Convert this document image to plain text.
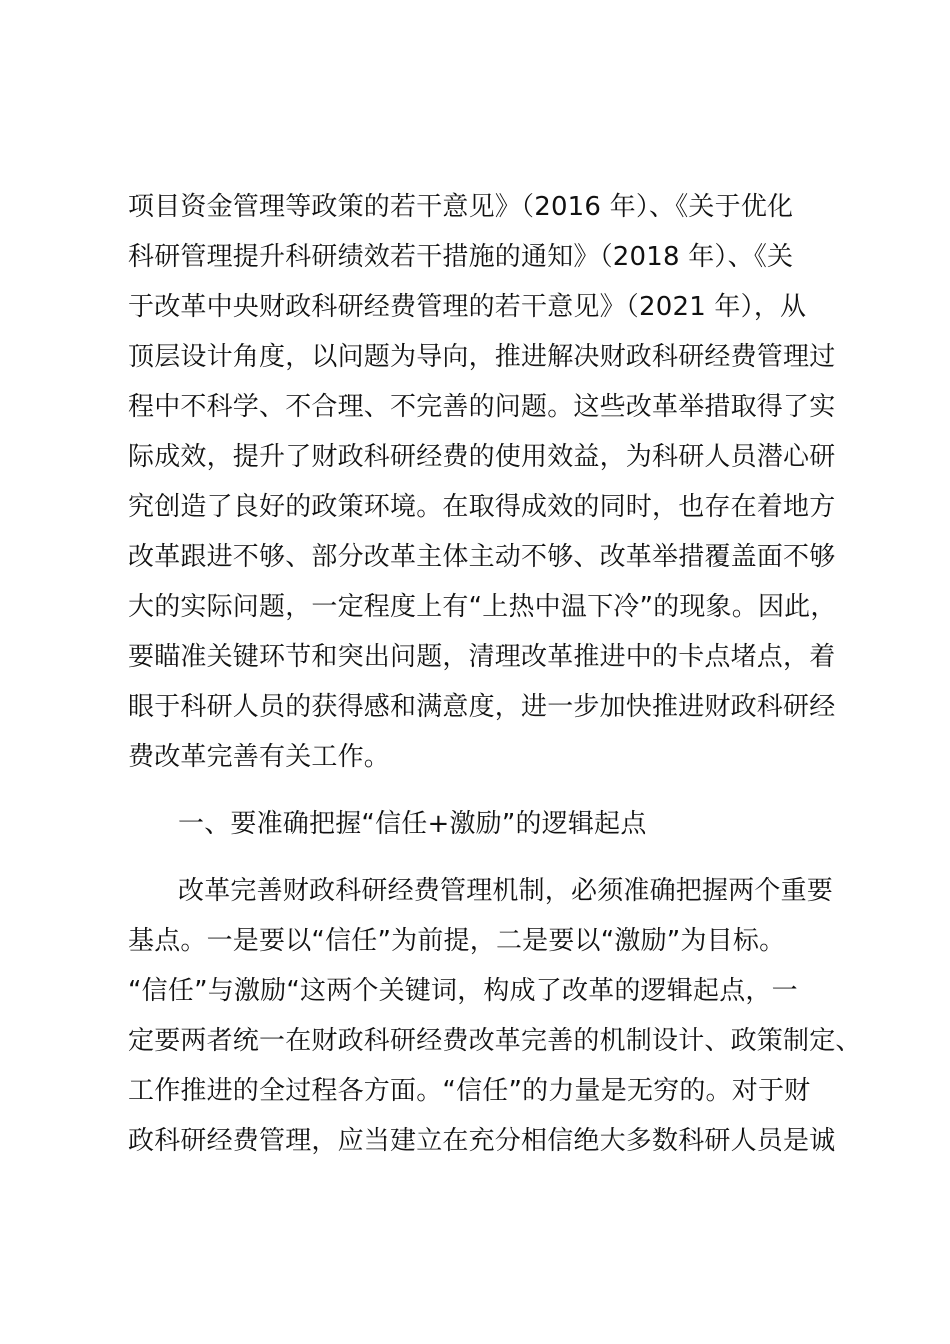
项目资金管理等政策的若干意见》（2016 年）、《关于优化
科研管理提升科研绩效若干措施的通知》（2018 年）、《关
于改革中央财政科研经费管理的若干意见》（2021 年），从
顶层设计角度，以问题为导向，推进解决财政科研经费管理过
程中不科学、不合理、不完善的问题。这些改革举措取得了实
际成效，提升了财政科研经费的使用效益，为科研人员潜心研
究创造了良好的政策环境。在取得成效的同时，也存在着地方
改革跟进不够、部分改革主体主动不够、改革举措覆盖面不够
大的实际问题，一定程度上有“上热中温下冷”的现象。因此，
要瞄准关键环节和突出问题，清理改革推进中的卡点堵点，着
眼于科研人员的获得感和满意度，进一步加快推进财政科研经
费改革完善有关工作。
一、要准确把握“信任+激励”的逻辑起点
改革完善财政科研经费管理机制，必须准确把握两个重要
基点。一是要以“信任”为前提，二是要以“激励”为目标。
“信任”与激励“这两个关键词，构成了改革的逻辑起点，一
定要两者统一在财政科研经费改革完善的机制设计、政策制定、
工作推进的全过程各方面。“信任”的力量是无穷的。对于财
政科研经费管理，应当建立在充分相信绝大多数科研人员是诚
